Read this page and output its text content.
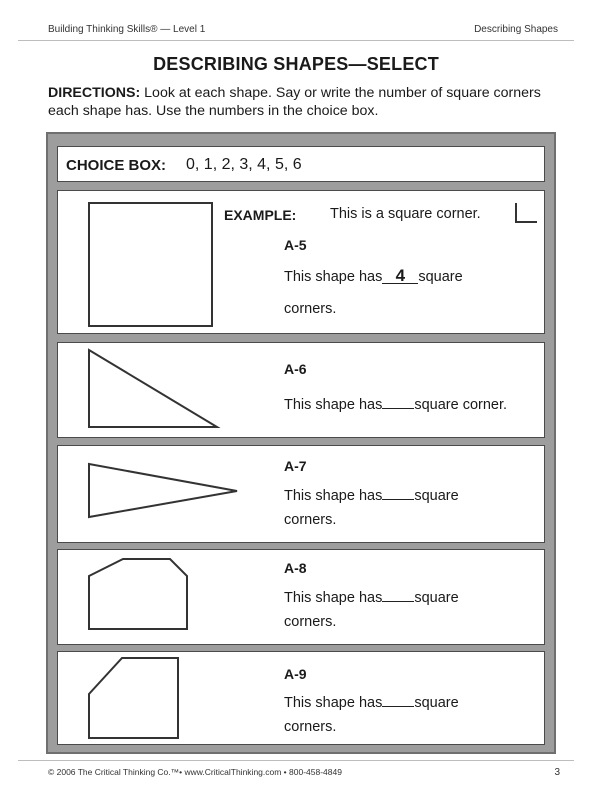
Building Thinking Skills® — Level 1	Describing Shapes
DESCRIBING SHAPES—SELECT
DIRECTIONS: Look at each shape. Say or write the number of square corners
each shape has. Use the numbers in the choice box.
CHOICE BOX: 0, 1, 2, 3, 4, 5, 6
EXAMPLE: This is a square corner.
A-5
This shape has 4 square
corners.
A-6
This shape has square corner.
A-7
This shape has square
corners.
A-8
This shape has square
corners.
A-9
This shape has square
corners.
© 2006 The Critical Thinking Co.™• www.CriticalThinking.com • 800-458-4849	3
